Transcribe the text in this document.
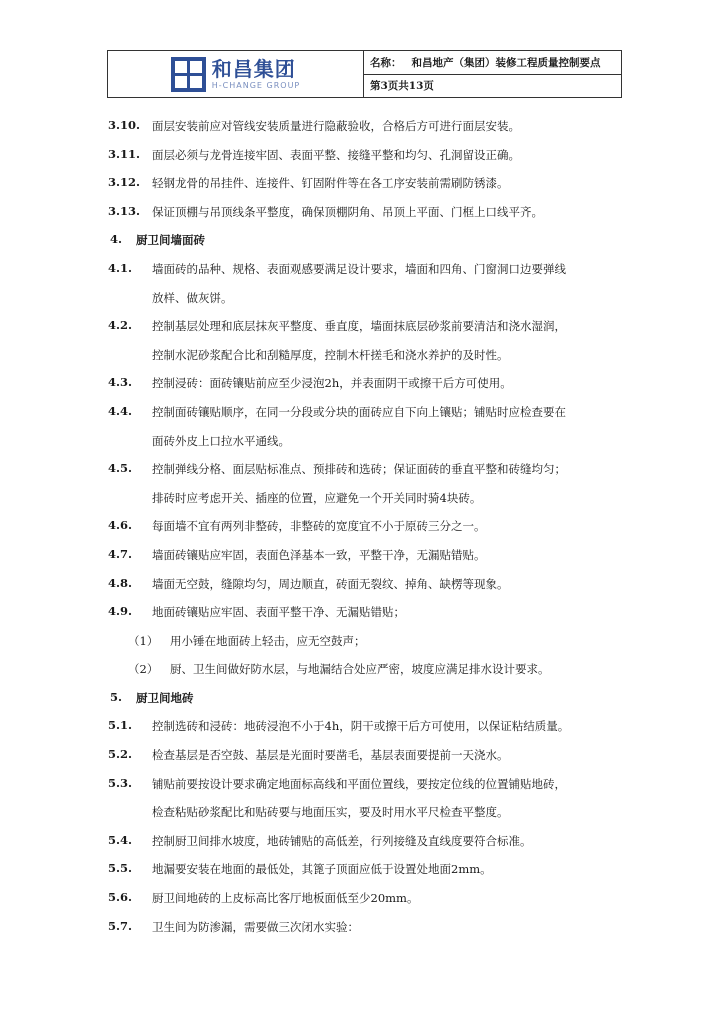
和昌集团
H-CHANGE GROUP
名称： 和昌地产（集团）装修工程质量控制要点
第3页共13页
3.10. 面层安装前应对管线安装质量进行隐蔽验收，合格后方可进行面层安装。
3.11. 面层必须与龙骨连接牢固、表面平整、接缝平整和均匀、孔洞留设正确。
3.12. 轻钢龙骨的吊挂件、连接件、钉固附件等在各工序安装前需刷防锈漆。
3.13. 保证顶棚与吊顶线条平整度，确保顶棚阴角、吊顶上平面、门框上口线平齐。
4. 厨卫间墙面砖
4.1. 墙面砖的品种、规格、表面观感要满足设计要求，墙面和四角、门窗洞口边要弹线
放样、做灰饼。
4.2. 控制基层处理和底层抹灰平整度、垂直度，墙面抹底层砂浆前要清洁和浇水湿润，
控制水泥砂浆配合比和刮糙厚度，控制木杆搓毛和浇水养护的及时性。
4.3. 控制浸砖：面砖镶贴前应至少浸泡2h，并表面阴干或擦干后方可使用。
4.4. 控制面砖镶贴顺序，在同一分段或分块的面砖应自下向上镶贴；铺贴时应检查要在
面砖外皮上口拉水平通线。
4.5. 控制弹线分格、面层贴标准点、预排砖和选砖；保证面砖的垂直平整和砖缝均匀；
排砖时应考虑开关、插座的位置，应避免一个开关同时骑4块砖。
4.6. 每面墙不宜有两列非整砖，非整砖的宽度宜不小于原砖三分之一。
4.7. 墙面砖镶贴应牢固，表面色泽基本一致，平整干净，无漏贴错贴。
4.8. 墙面无空鼓，缝隙均匀，周边顺直，砖面无裂纹、掉角、缺楞等现象。
4.9. 地面砖镶贴应牢固、表面平整干净、无漏贴错贴；
（1） 用小锤在地面砖上轻击，应无空鼓声；
（2） 厨、卫生间做好防水层，与地漏结合处应严密，坡度应满足排水设计要求。
5. 厨卫间地砖
5.1. 控制选砖和浸砖：地砖浸泡不小于4h，阴干或擦干后方可使用，以保证粘结质量。
5.2. 检查基层是否空鼓、基层是光面时要凿毛，基层表面要提前一天浇水。
5.3. 铺贴前要按设计要求确定地面标高线和平面位置线，要按定位线的位置铺贴地砖，
检查粘贴砂浆配比和贴砖要与地面压实，要及时用水平尺检查平整度。
5.4. 控制厨卫间排水坡度，地砖铺贴的高低差，行列接缝及直线度要符合标准。
5.5. 地漏要安装在地面的最低处，其篦子顶面应低于设置处地面2mm。
5.6. 厨卫间地砖的上皮标高比客厅地板面低至少20mm。
5.7. 卫生间为防渗漏，需要做三次闭水实验：
